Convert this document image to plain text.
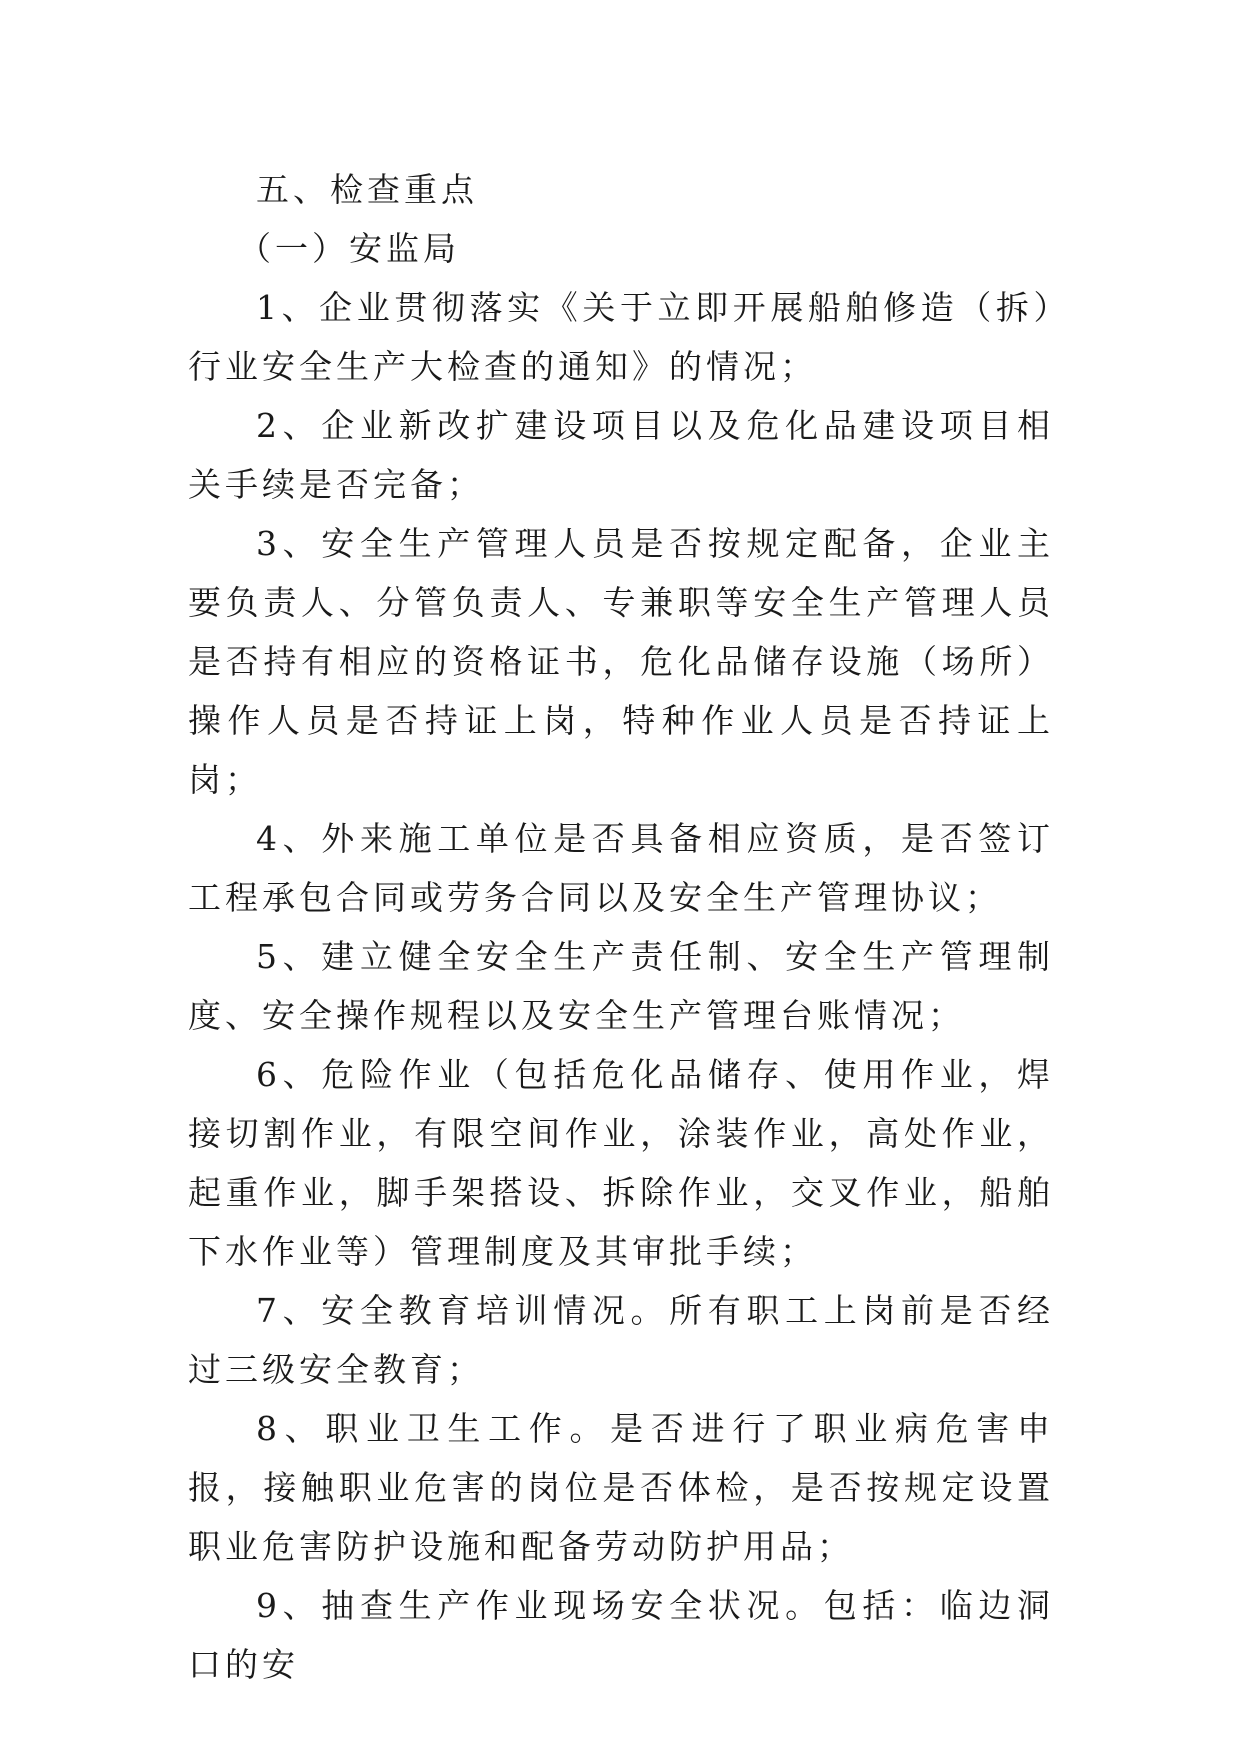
五、检查重点

（一）安监局

1、企业贯彻落实《关于立即开展船舶修造（拆）行业安全生产大检查的通知》的情况；

2、企业新改扩建设项目以及危化品建设项目相关手续是否完备；

3、安全生产管理人员是否按规定配备，企业主要负责人、分管负责人、专兼职等安全生产管理人员是否持有相应的资格证书，危化品储存设施（场所）操作人员是否持证上岗，特种作业人员是否持证上岗；

4、外来施工单位是否具备相应资质，是否签订工程承包合同或劳务合同以及安全生产管理协议；

5、建立健全安全生产责任制、安全生产管理制度、安全操作规程以及安全生产管理台账情况；

6、危险作业（包括危化品储存、使用作业，焊接切割作业，有限空间作业，涂装作业，高处作业，起重作业，脚手架搭设、拆除作业，交叉作业，船舶下水作业等）管理制度及其审批手续；

7、安全教育培训情况。所有职工上岗前是否经过三级安全教育；

8、职业卫生工作。是否进行了职业病危害申报，接触职业危害的岗位是否体检，是否按规定设置职业危害防护设施和配备劳动防护用品；

9、抽查生产作业现场安全状况。包括：临边洞口的安
